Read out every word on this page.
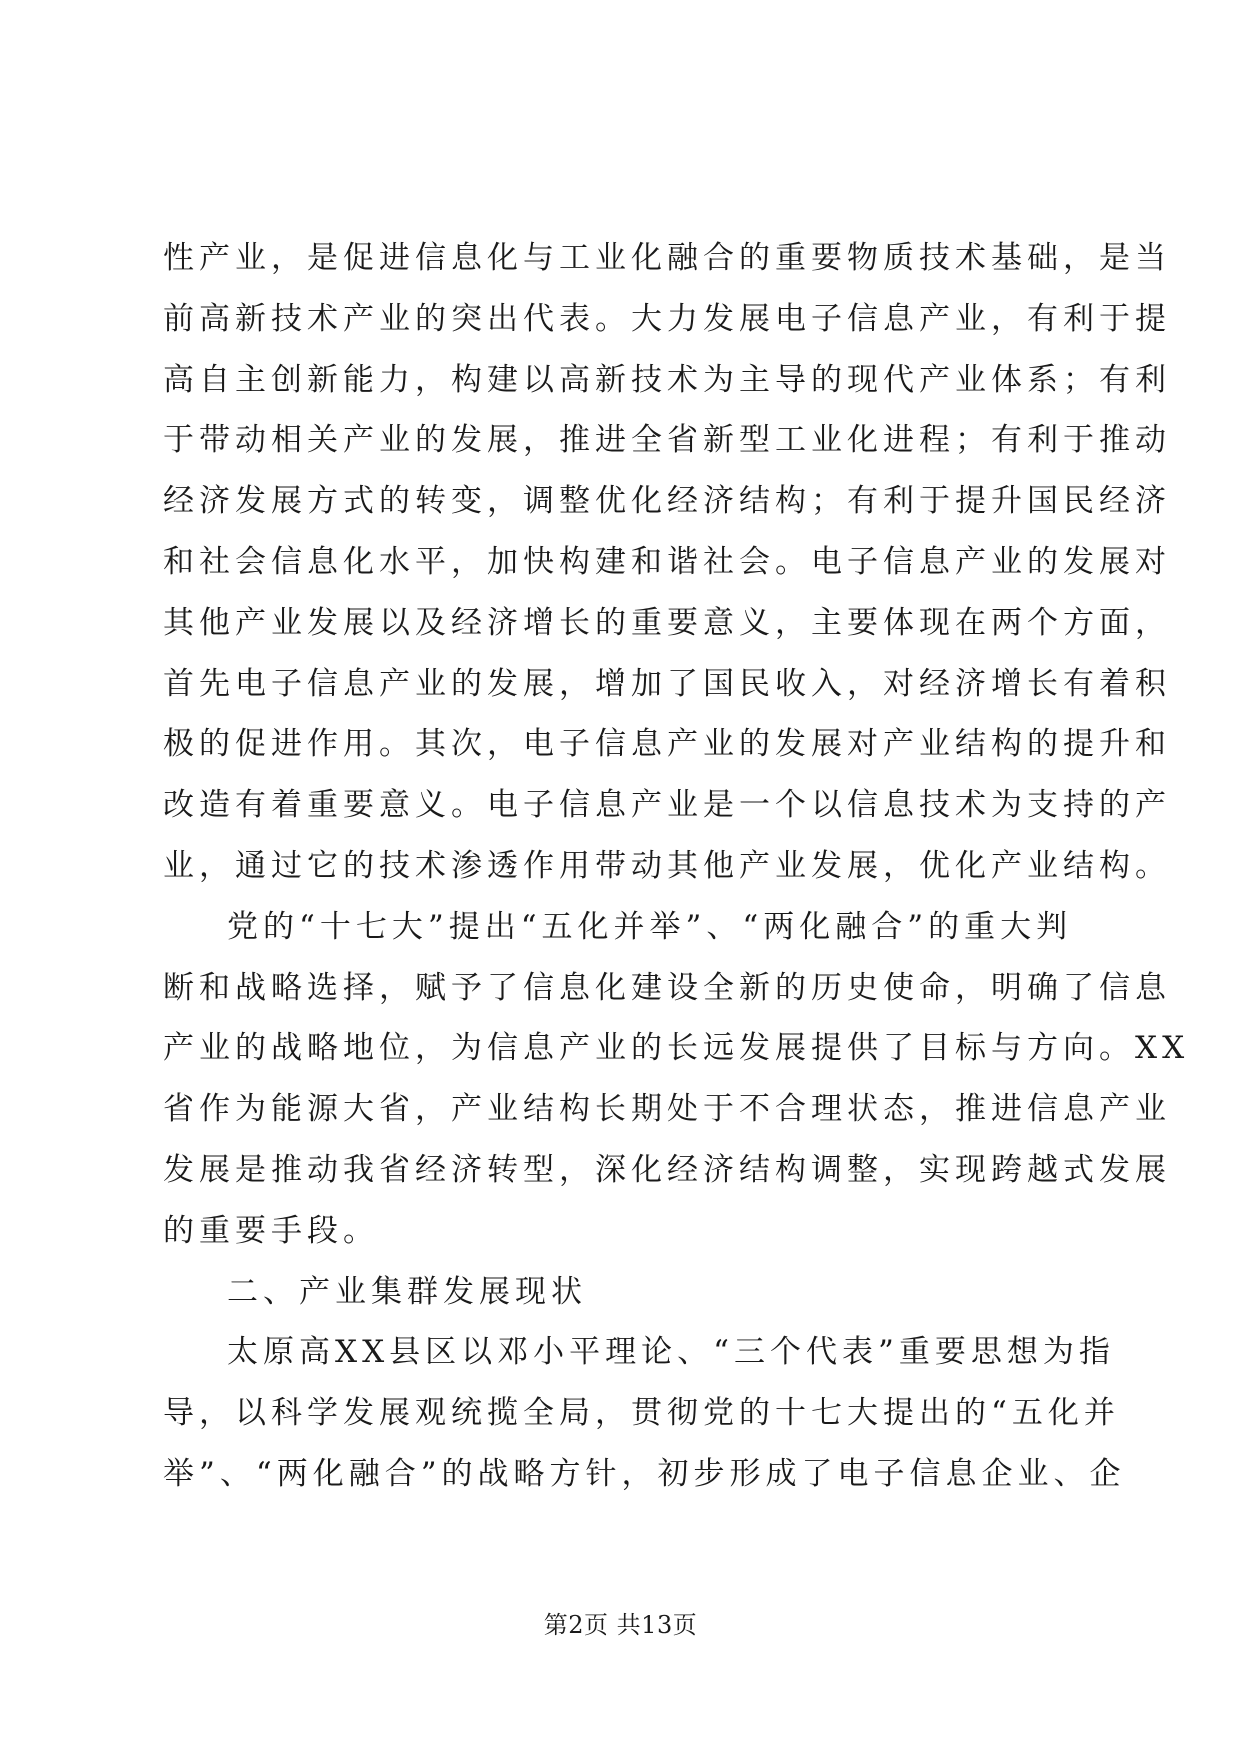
性产业，是促进信息化与工业化融合的重要物质技术基础，是当
前高新技术产业的突出代表。大力发展电子信息产业，有利于提
高自主创新能力，构建以高新技术为主导的现代产业体系；有利
于带动相关产业的发展，推进全省新型工业化进程；有利于推动
经济发展方式的转变，调整优化经济结构；有利于提升国民经济
和社会信息化水平，加快构建和谐社会。电子信息产业的发展对
其他产业发展以及经济增长的重要意义，主要体现在两个方面，
首先电子信息产业的发展，增加了国民收入，对经济增长有着积
极的促进作用。其次，电子信息产业的发展对产业结构的提升和
改造有着重要意义。电子信息产业是一个以信息技术为支持的产
业，通过它的技术渗透作用带动其他产业发展，优化产业结构。
党的“十七大”提出“五化并举”、“两化融合”的重大判
断和战略选择，赋予了信息化建设全新的历史使命，明确了信息
产业的战略地位，为信息产业的长远发展提供了目标与方向。XX
省作为能源大省，产业结构长期处于不合理状态，推进信息产业
发展是推动我省经济转型，深化经济结构调整，实现跨越式发展
的重要手段。
二、产业集群发展现状
太原高XX县区以邓小平理论、“三个代表”重要思想为指
导，以科学发展观统揽全局，贯彻党的十七大提出的“五化并
举”、“两化融合”的战略方针，初步形成了电子信息企业、企
第2页 共13页
